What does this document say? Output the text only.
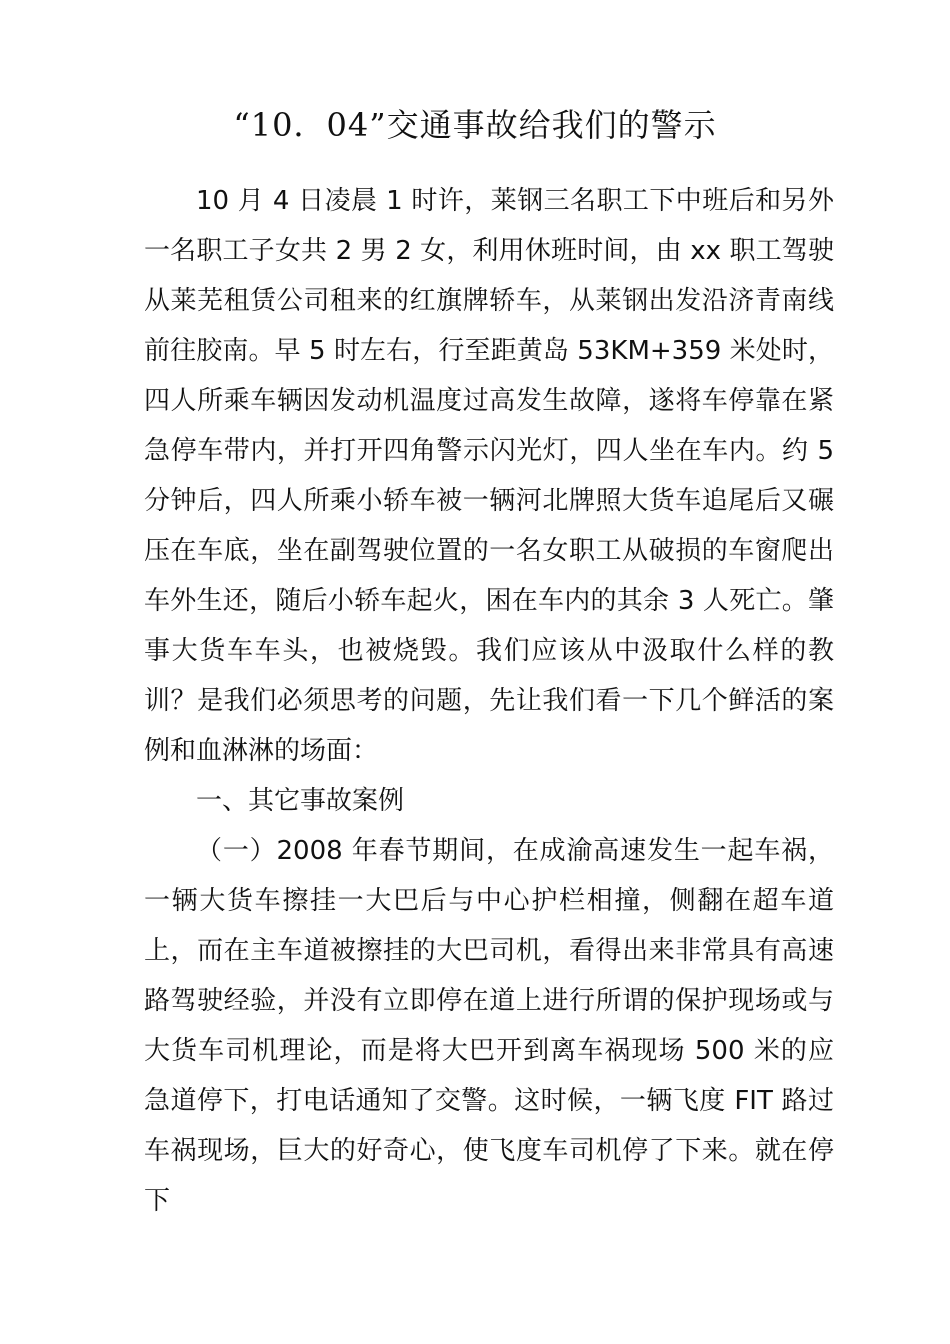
“10．04”交通事故给我们的警示

10 月 4 日凌晨 1 时许，莱钢三名职工下中班后和另外一名职工子女共 2 男 2 女，利用休班时间，由 xx 职工驾驶从莱芜租赁公司租来的红旗牌轿车，从莱钢出发沿济青南线前往胶南。早 5 时左右，行至距黄岛 53KM+359 米处时，四人所乘车辆因发动机温度过高发生故障，遂将车停靠在紧急停车带内，并打开四角警示闪光灯，四人坐在车内。约 5 分钟后，四人所乘小轿车被一辆河北牌照大货车追尾后又碾压在车底，坐在副驾驶位置的一名女职工从破损的车窗爬出车外生还，随后小轿车起火，困在车内的其余 3 人死亡。肇事大货车车头，也被烧毁。我们应该从中汲取什么样的教训？是我们必须思考的问题，先让我们看一下几个鲜活的案例和血淋淋的场面：

一、其它事故案例

（一）2008 年春节期间，在成渝高速发生一起车祸，一辆大货车擦挂一大巴后与中心护栏相撞，侧翻在超车道上，而在主车道被擦挂的大巴司机，看得出来非常具有高速路驾驶经验，并没有立即停在道上进行所谓的保护现场或与大货车司机理论，而是将大巴开到离车祸现场 500 米的应急道停下，打电话通知了交警。这时候，一辆飞度 FIT 路过车祸现场，巨大的好奇心，使飞度车司机停了下来。就在停下
